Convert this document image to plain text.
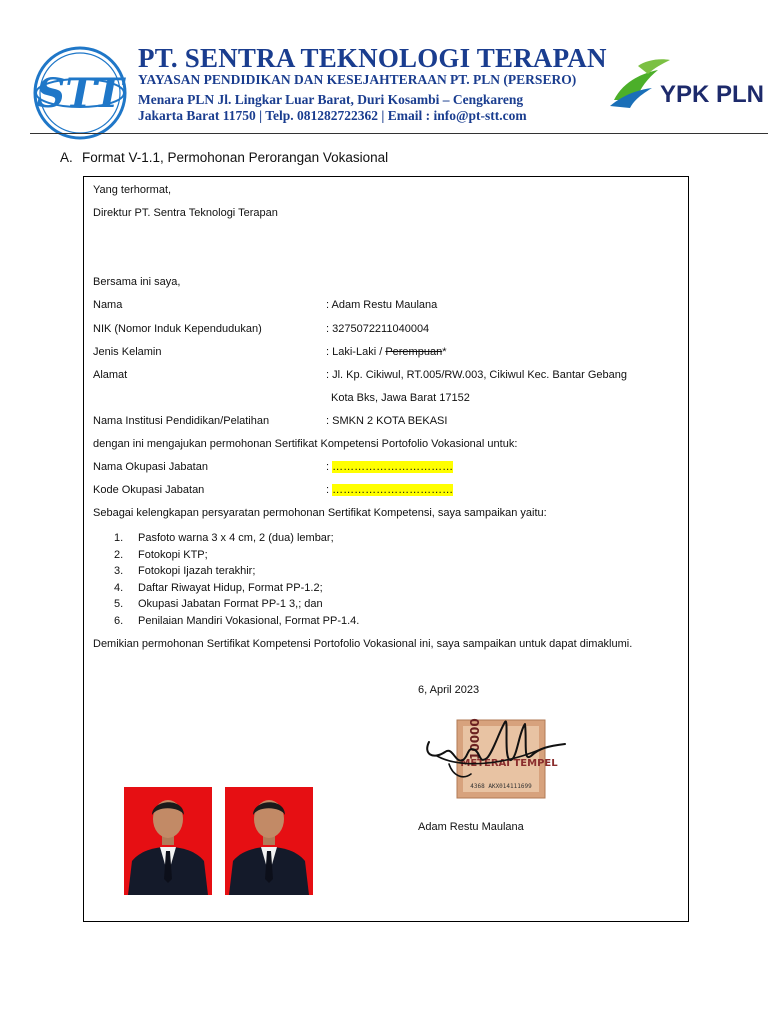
STT
PT. SENTRA TEKNOLOGI TERAPAN
YAYASAN PENDIDIKAN DAN KESEJAHTERAAN PT. PLN (PERSERO)
Menara PLN Jl. Lingkar Luar Barat, Duri Kosambi – Cengkareng
Jakarta Barat 11750 | Telp. 081282722362 | Email : info@pt-stt.com
YPK PLN
A. Format V-1.1, Permohonan Perorangan Vokasional
Yang terhormat,
Direktur PT. Sentra Teknologi Terapan
Bersama ini saya,
Nama	: Adam Restu Maulana
NIK (Nomor Induk Kependudukan)	: 3275072211040004
Jenis Kelamin	: Laki-Laki / Perempuan*
Alamat	: Jl. Kp. Cikiwul, RT.005/RW.003, Cikiwul Kec. Bantar Gebang
Kota Bks, Jawa Barat 17152
Nama Institusi Pendidikan/Pelatihan	: SMKN 2 KOTA BEKASI
dengan ini mengajukan permohonan Sertifikat Kompetensi Portofolio Vokasional untuk:
Nama Okupasi Jabatan	: ……………………………
Kode Okupasi Jabatan	: ……………………………
Sebagai kelengkapan persyaratan permohonan Sertifikat Kompetensi, saya sampaikan yaitu:
1. Pasfoto warna 3 x 4 cm, 2 (dua) lembar;
2. Fotokopi KTP;
3. Fotokopi Ijazah terakhir;
4. Daftar Riwayat Hidup, Format PP-1.2;
5. Okupasi Jabatan Format PP-1 3,; dan
6. Penilaian Mandiri Vokasional, Format PP-1.4.
Demikian permohonan Sertifikat Kompetensi Portofolio Vokasional ini, saya sampaikan untuk dapat dimaklumi.
6, April 2023
METERAI TEMPEL
10000
4368 AKX014111699
Adam Restu Maulana
